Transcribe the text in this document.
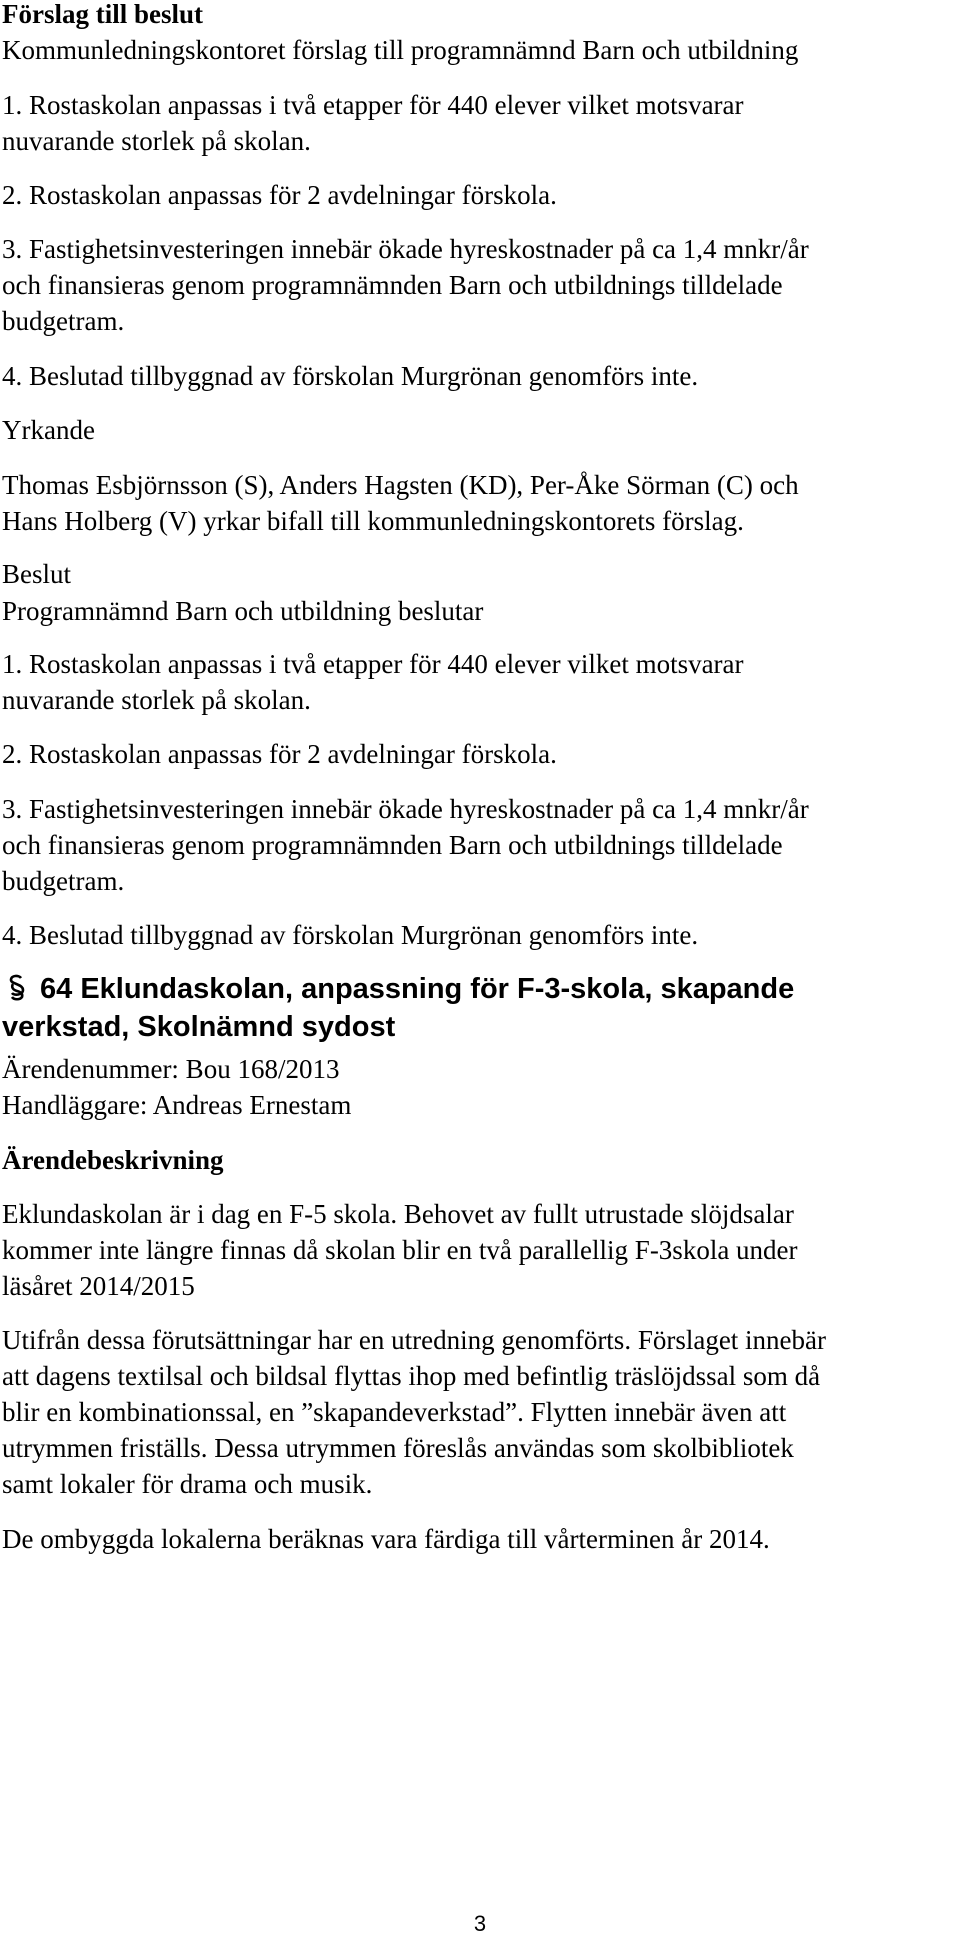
Förslag till beslut

Kommunledningskontoret förslag till programnämnd Barn och utbildning

1. Rostaskolan anpassas i två etapper för 440 elever vilket motsvarar
nuvarande storlek på skolan.

2. Rostaskolan anpassas för 2 avdelningar förskola.

3. Fastighetsinvesteringen innebär ökade hyreskostnader på ca 1,4 mnkr/år
och finansieras genom programnämnden Barn och utbildnings tilldelade
budgetram.

4. Beslutad tillbyggnad av förskolan Murgrönan genomförs inte.

Yrkande

Thomas Esbjörnsson (S), Anders Hagsten (KD), Per-Åke Sörman (C) och
Hans Holberg (V) yrkar bifall till kommunledningskontorets förslag.

Beslut

Programnämnd Barn och utbildning beslutar

1. Rostaskolan anpassas i två etapper för 440 elever vilket motsvarar
nuvarande storlek på skolan.

2. Rostaskolan anpassas för 2 avdelningar förskola.

3. Fastighetsinvesteringen innebär ökade hyreskostnader på ca 1,4 mnkr/år
och finansieras genom programnämnden Barn och utbildnings tilldelade
budgetram.

4. Beslutad tillbyggnad av förskolan Murgrönan genomförs inte.

64 Eklundaskolan, anpassning för F-3-skola, skapande
verkstad, Skolnämnd sydost

Ärendenummer: Bou 168/2013

Handläggare: Andreas Ernestam

Ärendebeskrivning

Eklundaskolan är i dag en F-5 skola. Behovet av fullt utrustade slöjdsalar
kommer inte längre finnas då skolan blir en två parallellig F-3skola under
läsåret 2014/2015

Utifrån dessa förutsättningar har en utredning genomförts. Förslaget innebär
att dagens textilsal och bildsal flyttas ihop med befintlig träslöjdssal som då
blir en kombinationssal, en ”skapandeverkstad”. Flytten innebär även att
utrymmen friställs. Dessa utrymmen föreslås användas som skolbibliotek
samt lokaler för drama och musik.

De ombyggda lokalerna beräknas vara färdiga till vårterminen år 2014.

3
